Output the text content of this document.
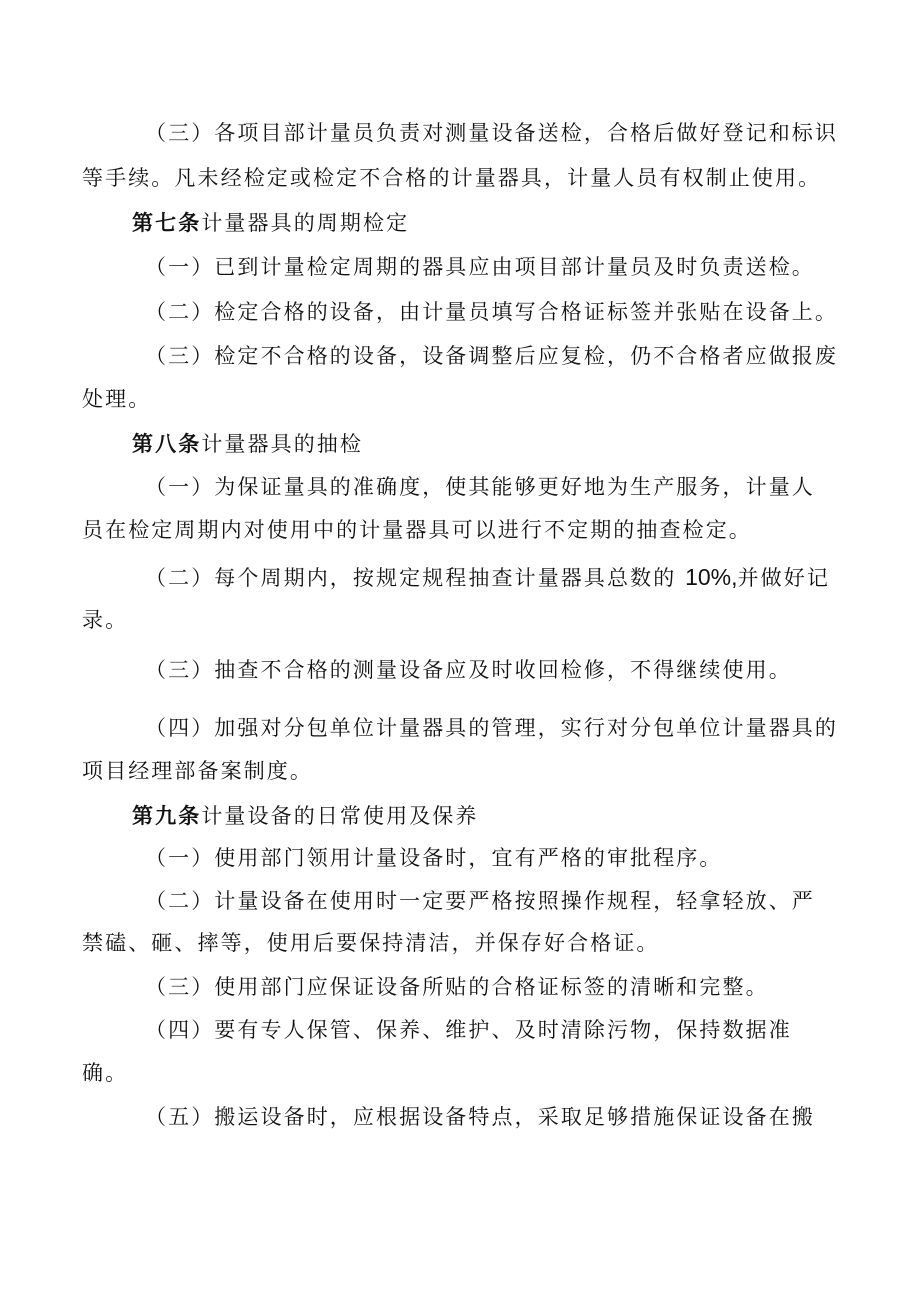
（三）各项目部计量员负责对测量设备送检，合格后做好登记和标识
等手续。凡未经检定或检定不合格的计量器具，计量人员有权制止使用。
第七条计量器具的周期检定
（一）已到计量检定周期的器具应由项目部计量员及时负责送检。
（二）检定合格的设备，由计量员填写合格证标签并张贴在设备上。
（三）检定不合格的设备，设备调整后应复检，仍不合格者应做报废
处理。
第八条计量器具的抽检
（一）为保证量具的准确度，使其能够更好地为生产服务，计量人
员在检定周期内对使用中的计量器具可以进行不定期的抽查检定。
（二）每个周期内，按规定规程抽查计量器具总数的 10%,并做好记
录。
（三）抽查不合格的测量设备应及时收回检修，不得继续使用。
（四）加强对分包单位计量器具的管理，实行对分包单位计量器具的
项目经理部备案制度。
第九条计量设备的日常使用及保养
（一）使用部门领用计量设备时，宜有严格的审批程序。
（二）计量设备在使用时一定要严格按照操作规程，轻拿轻放、严
禁磕、砸、摔等，使用后要保持清洁，并保存好合格证。
（三）使用部门应保证设备所贴的合格证标签的清晰和完整。
（四）要有专人保管、保养、维护、及时清除污物，保持数据准
确。
（五）搬运设备时，应根据设备特点，采取足够措施保证设备在搬
